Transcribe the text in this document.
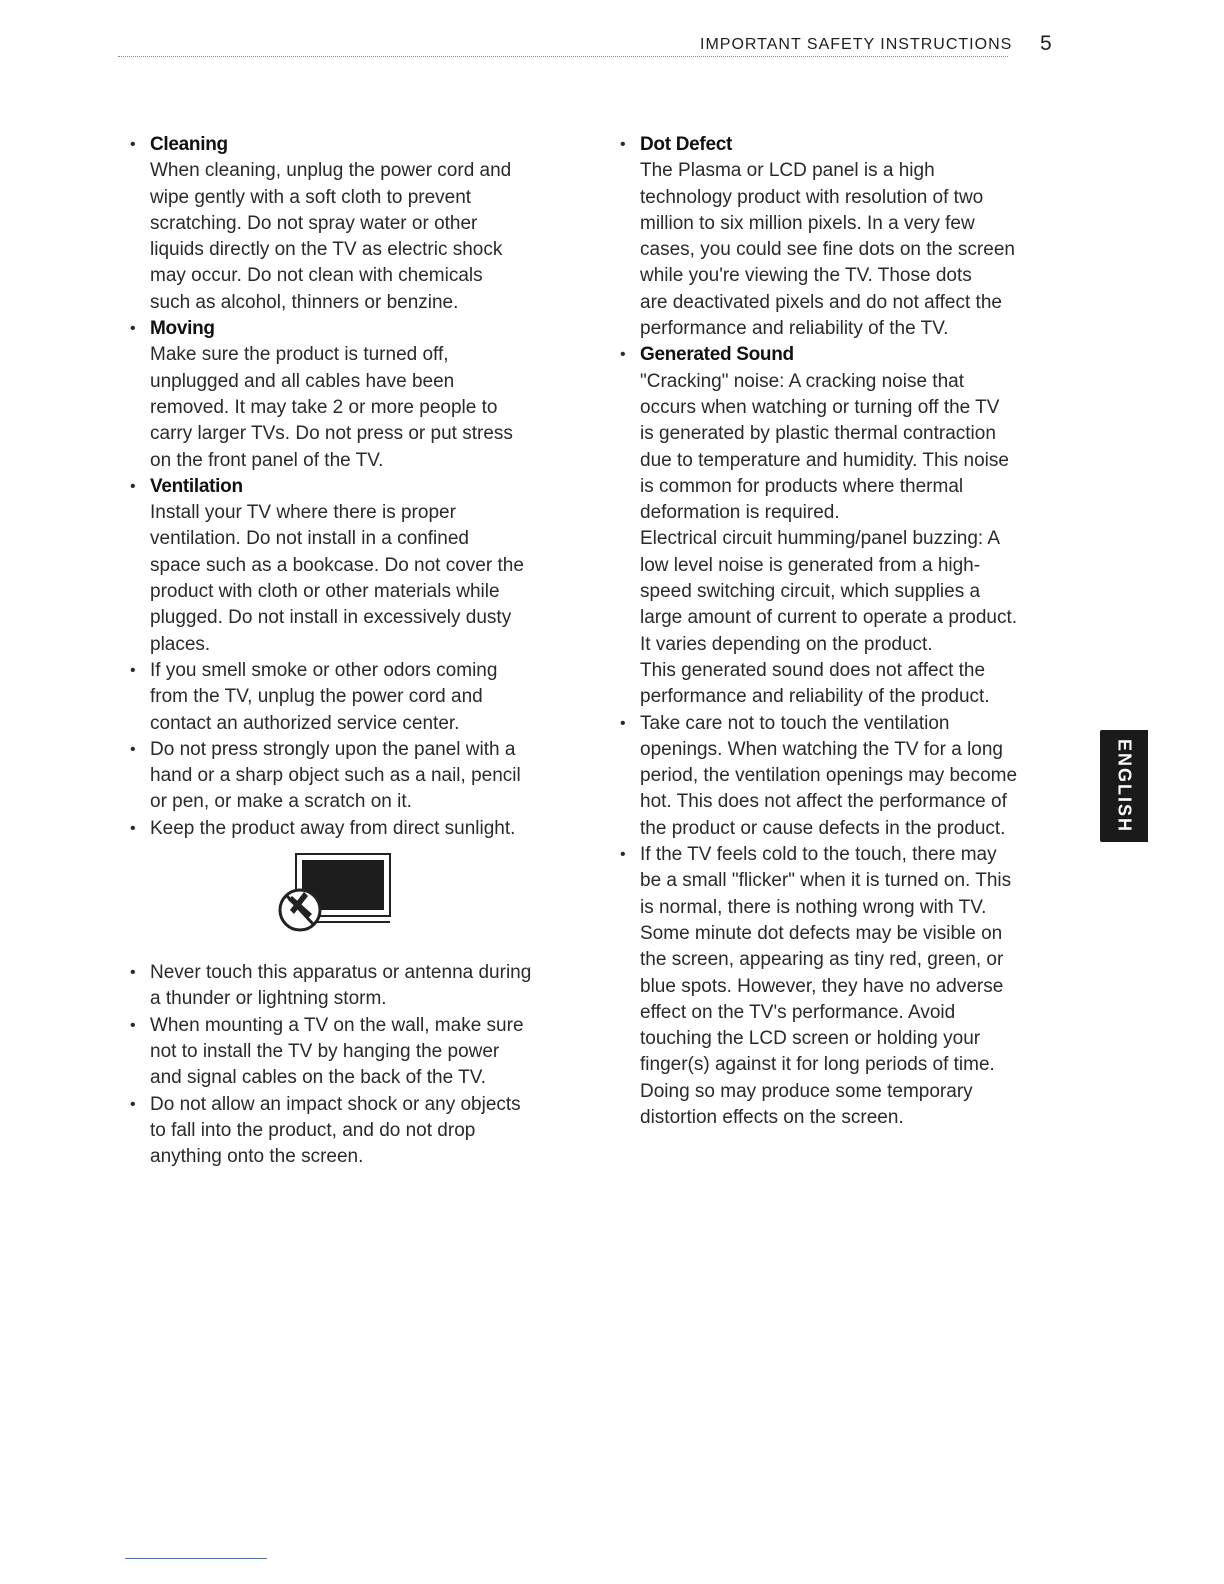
IMPORTANT SAFETY INSTRUCTIONS 5
• Cleaning
When cleaning, unplug the power cord and
wipe gently with a soft cloth to prevent
scratching. Do not spray water or other
liquids directly on the TV as electric shock
may occur. Do not clean with chemicals
such as alcohol, thinners or benzine.
• Moving
Make sure the product is turned off,
unplugged and all cables have been
removed. It may take 2 or more people to
carry larger TVs. Do not press or put stress
on the front panel of the TV.
• Ventilation
Install your TV where there is proper
ventilation. Do not install in a confined
space such as a bookcase. Do not cover the
product with cloth or other materials while
plugged. Do not install in excessively dusty
places.
• If you smell smoke or other odors coming
from the TV, unplug the power cord and
contact an authorized service center.
• Do not press strongly upon the panel with a
hand or a sharp object such as a nail, pencil
or pen, or make a scratch on it.
• Keep the product away from direct sunlight.
• Never touch this apparatus or antenna during
a thunder or lightning storm.
• When mounting a TV on the wall, make sure
not to install the TV by hanging the power
and signal cables on the back of the TV.
• Do not allow an impact shock or any objects
to fall into the product, and do not drop
anything onto the screen.
• Dot Defect
The Plasma or LCD panel is a high
technology product with resolution of two
million to six million pixels. In a very few
cases, you could see fine dots on the screen
while you're viewing the TV. Those dots
are deactivated pixels and do not affect the
performance and reliability of the TV.
• Generated Sound
"Cracking" noise: A cracking noise that
occurs when watching or turning off the TV
is generated by plastic thermal contraction
due to temperature and humidity. This noise
is common for products where thermal
deformation is required.
Electrical circuit humming/panel buzzing: A
low level noise is generated from a high-
speed switching circuit, which supplies a
large amount of current to operate a product.
It varies depending on the product.
This generated sound does not affect the
performance and reliability of the product.
• Take care not to touch the ventilation
openings. When watching the TV for a long
period, the ventilation openings may become
hot. This does not affect the performance of
the product or cause defects in the product.
• If the TV feels cold to the touch, there may
be a small "flicker" when it is turned on. This
is normal, there is nothing wrong with TV.
Some minute dot defects may be visible on
the screen, appearing as tiny red, green, or
blue spots. However, they have no adverse
effect on the TV's performance. Avoid
touching the LCD screen or holding your
finger(s) against it for long periods of time.
Doing so may produce some temporary
distortion effects on the screen.
ENGLISH
